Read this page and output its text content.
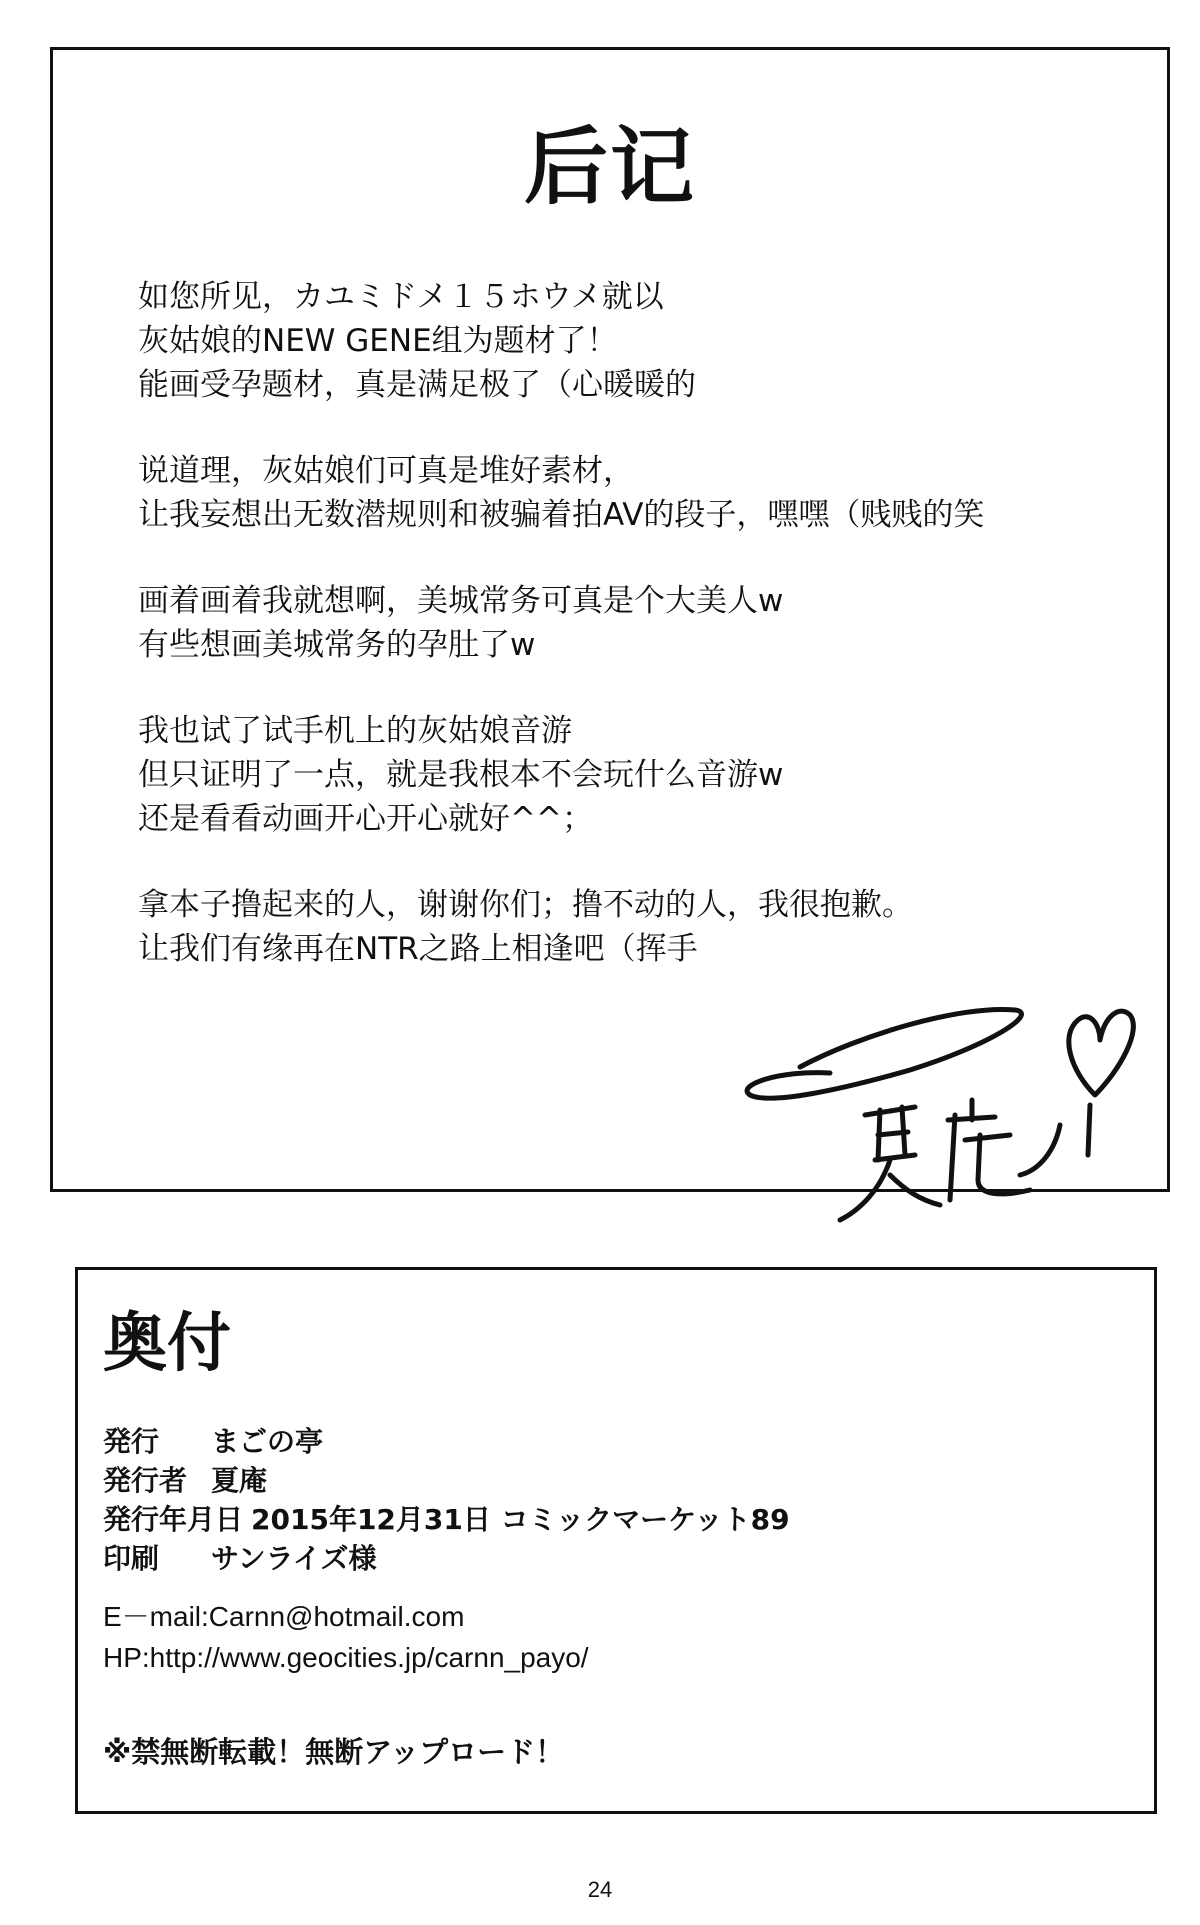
后记

如您所见，カユミドメ１５ホウメ就以
灰姑娘的NEW GENE组为题材了！
能画受孕题材，真是满足极了（心暖暖的

说道理，灰姑娘们可真是堆好素材，
让我妄想出无数潜规则和被骗着拍AV的段子，嘿嘿（贱贱的笑

画着画着我就想啊，美城常务可真是个大美人w
有些想画美城常务的孕肚了w

我也试了试手机上的灰姑娘音游
但只证明了一点，就是我根本不会玩什么音游w
还是看看动画开心开心就好^^；

拿本子撸起来的人，谢谢你们；撸不动的人，我很抱歉。
让我们有缘再在NTR之路上相逢吧（挥手

奥付
発行	まごの亭
発行者 夏庵
発行年月日 2015年12月31日 コミックマーケット89
印刷	サンライズ様
E－mail:Carnn@hotmail.com
HP:http://www.geocities.jp/carnn_payo/
※禁無断転載！無断アップロード！
24
